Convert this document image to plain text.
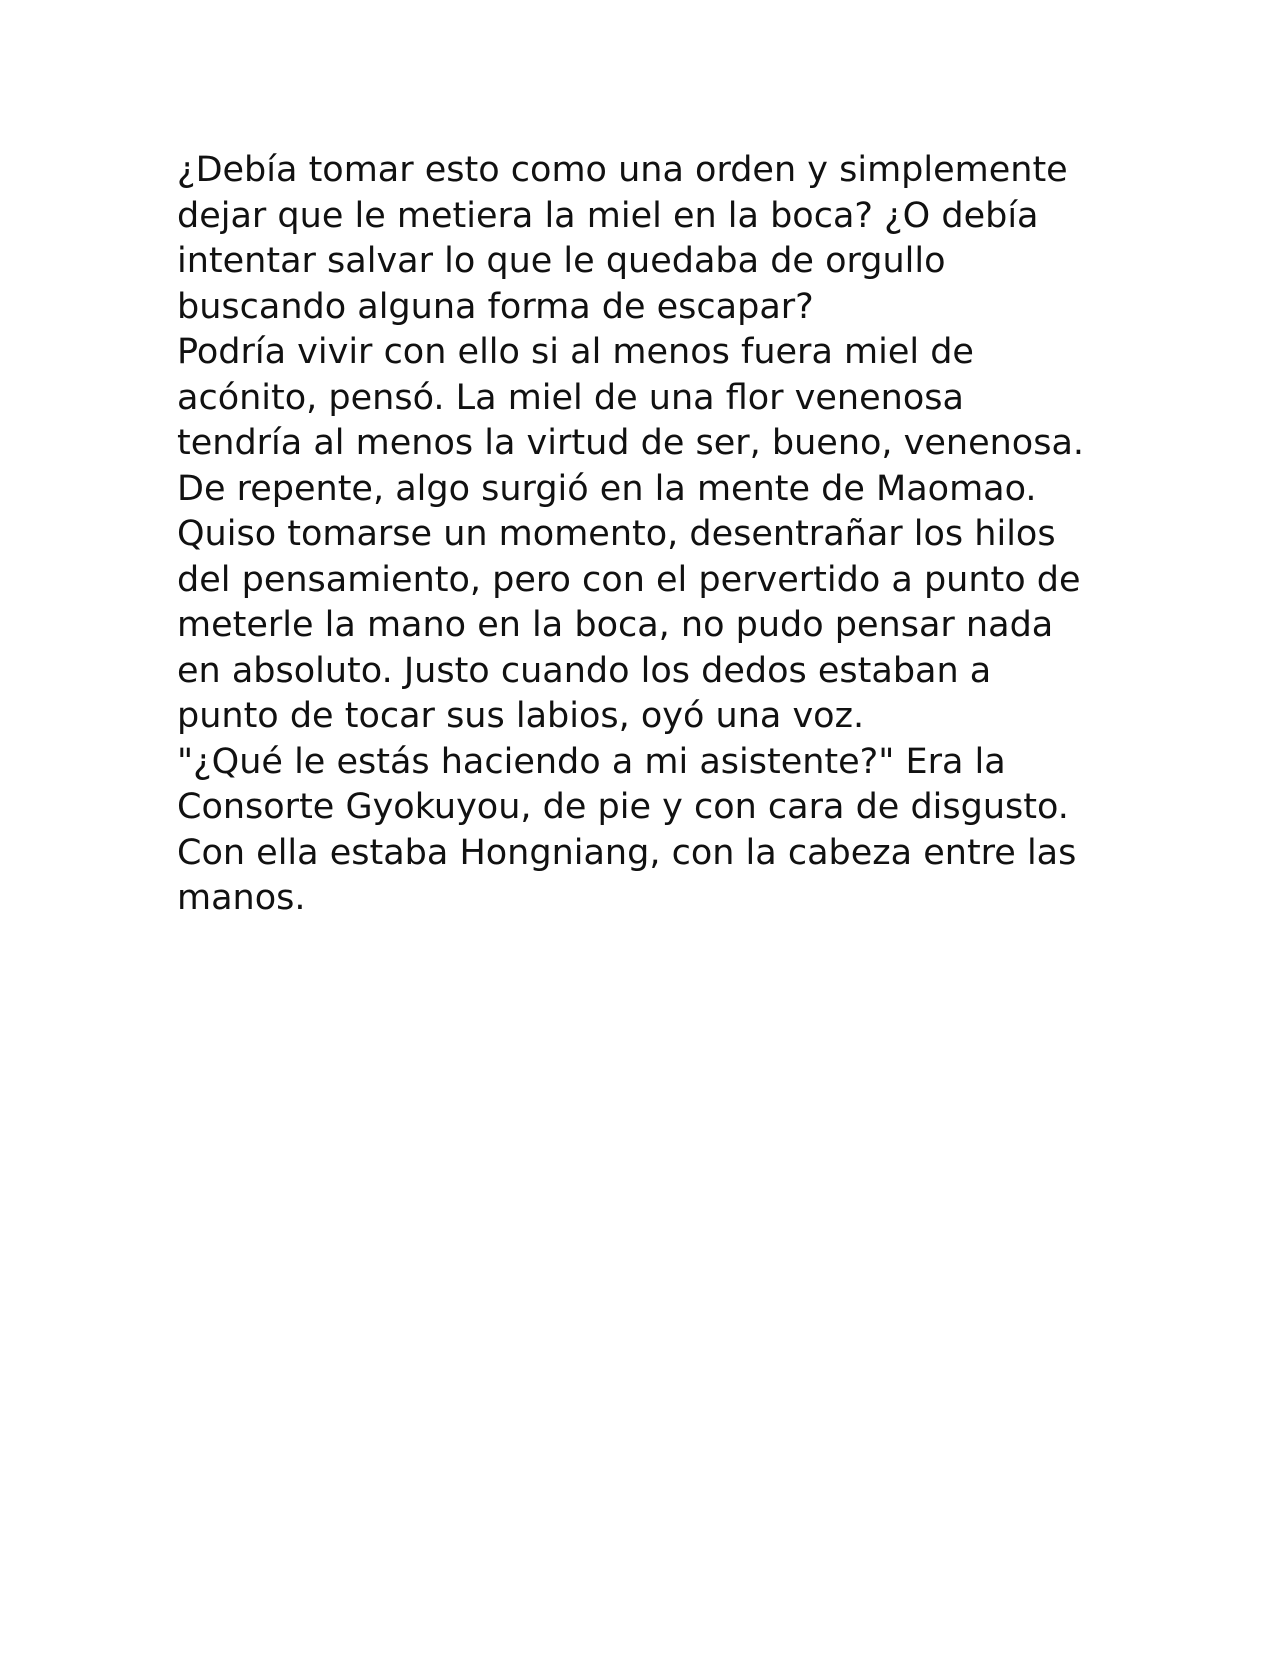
¿Debía tomar esto como una orden y simplemente dejar que le metiera la miel en la boca? ¿O debía intentar salvar lo que le quedaba de orgullo buscando alguna forma de escapar?

Podría vivir con ello si al menos fuera miel de acónito, pensó. La miel de una flor venenosa tendría al menos la virtud de ser, bueno, venenosa.

De repente, algo surgió en la mente de Maomao. Quiso tomarse un momento, desentrañar los hilos del pensamiento, pero con el pervertido a punto de meterle la mano en la boca, no pudo pensar nada en absoluto. Justo cuando los dedos estaban a punto de tocar sus labios, oyó una voz.

"¿Qué le estás haciendo a mi asistente?" Era la Consorte Gyokuyou, de pie y con cara de disgusto. Con ella estaba Hongniang, con la cabeza entre las manos.
